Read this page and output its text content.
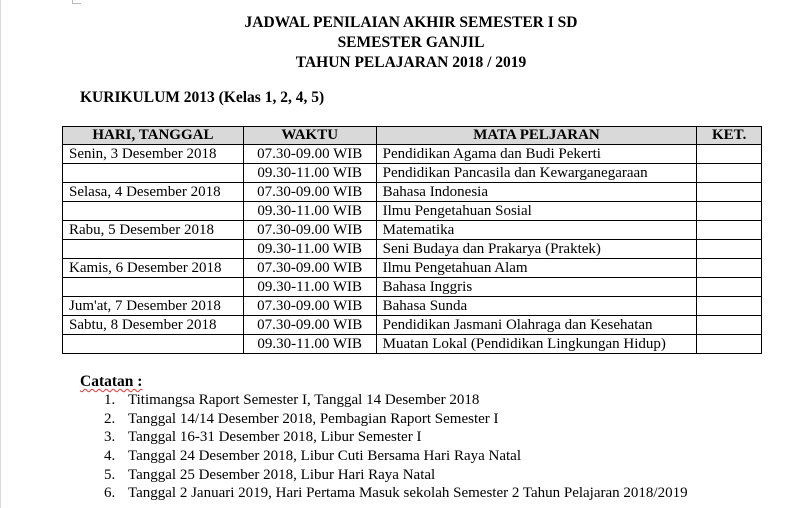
JADWAL PENILAIAN AKHIR SEMESTER I SD
SEMESTER GANJIL
TAHUN PELAJARAN 2018 / 2019
KURIKULUM 2013 (Kelas 1, 2, 4, 5)
HARI, TANGGAL	WAKTU	MATA PELJARAN	KET.
Senin, 3 Desember 2018	07.30-09.00 WIB	Pendidikan Agama dan Budi Pekerti	
	09.30-11.00 WIB	Pendidikan Pancasila dan Kewarganegaraan	
Selasa, 4 Desember 2018	07.30-09.00 WIB	Bahasa Indonesia	
	09.30-11.00 WIB	Ilmu Pengetahuan Sosial	
Rabu, 5 Desember 2018	07.30-09.00 WIB	Matematika	
	09.30-11.00 WIB	Seni Budaya dan Prakarya (Praktek)	
Kamis, 6 Desember 2018	07.30-09.00 WIB	Ilmu Pengetahuan Alam	
	09.30-11.00 WIB	Bahasa Inggris	
Jum'at, 7 Desember 2018	07.30-09.00 WIB	Bahasa Sunda	
Sabtu, 8 Desember 2018	07.30-09.00 WIB	Pendidikan Jasmani Olahraga dan Kesehatan	
	09.30-11.00 WIB	Muatan Lokal (Pendidikan Lingkungan Hidup)	
Catatan :
1. Titimangsa Raport Semester I, Tanggal 14 Desember 2018
2. Tanggal 14/14 Desember 2018, Pembagian Raport Semester I
3. Tanggal 16-31 Desember 2018, Libur Semester I
4. Tanggal 24 Desember 2018, Libur Cuti Bersama Hari Raya Natal
5. Tanggal 25 Desember 2018, Libur Hari Raya Natal
6. Tanggal 2 Januari 2019, Hari Pertama Masuk sekolah Semester 2 Tahun Pelajaran 2018/2019
